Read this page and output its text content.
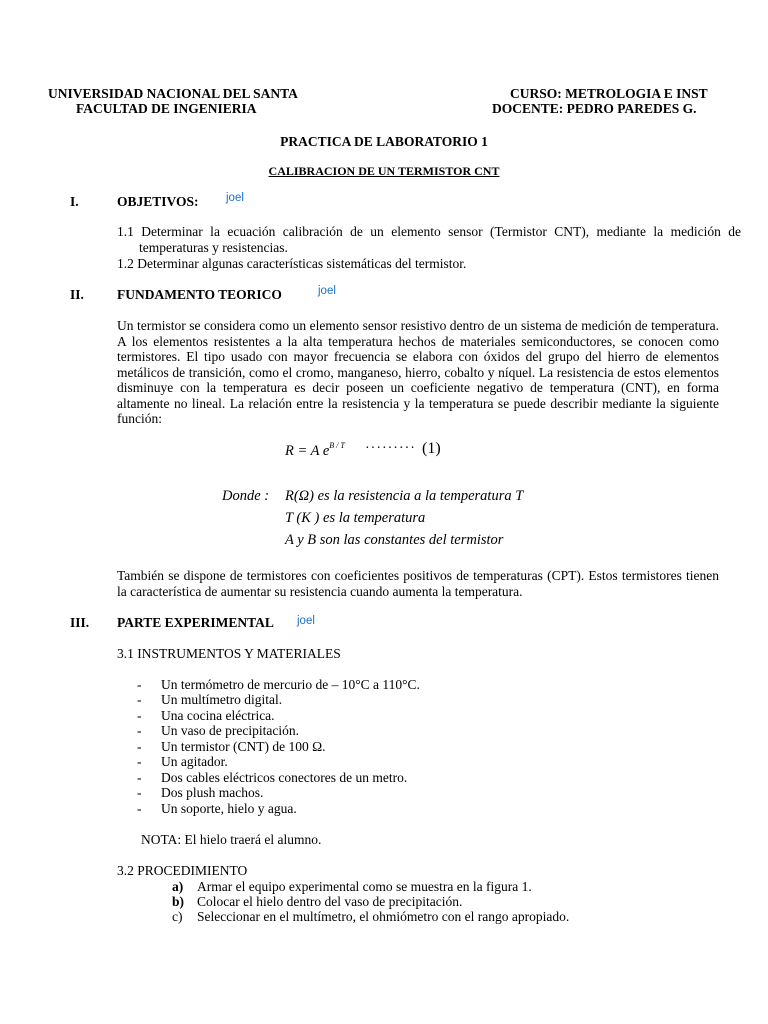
UNIVERSIDAD NACIONAL DEL SANTA
FACULTAD DE INGENIERIA
CURSO: METROLOGIA E INST
DOCENTE: PEDRO PAREDES G.
PRACTICA DE LABORATORIO 1
CALIBRACION DE UN TERMISTOR CNT
I.	OBJETIVOS: joel
1.1 Determinar la ecuación calibración de un elemento sensor (Termistor CNT), mediante la medición de temperaturas y resistencias.
1.2 Determinar algunas características sistemáticas del termistor.
II. FUNDAMENTO TEORICO	joel
Un termistor se considera como un elemento sensor resistivo dentro de un sistema de medición de temperatura. A los elementos resistentes a la alta temperatura hechos de materiales semiconductores, se conocen como termistores. El tipo usado con mayor frecuencia se elabora con óxidos del grupo del hierro de elementos metálicos de transición, como el cromo, manganeso, hierro, cobalto y níquel. La resistencia de estos elementos disminuye con la temperatura es decir poseen un coeficiente negativo de temperatura (CNT), en forma altamente no lineal. La relación entre la resistencia y la temperatura se puede describir mediante la siguiente función:
R = A $e^{B / T}$ ········· (1)
Donde : R(Ω) es la resistencia a la temperatura T
T (K ) es la temperatura
A y B son las constantes del termistor
También se dispone de termistores con coeficientes positivos de temperaturas (CPT). Estos termistores tienen la característica de aumentar su resistencia cuando aumenta la temperatura.
III. PARTE EXPERIMENTAL joel
3.1 INSTRUMENTOS Y MATERIALES
- Un termómetro de mercurio de – 10°C a 110°C.
- Un multímetro digital.
- Una cocina eléctrica.
- Un vaso de precipitación.
- Un termistor (CNT) de 100 Ω.
- Un agitador.
- Dos cables eléctricos conectores de un metro.
- Dos plush machos.
- Un soporte, hielo y agua.
NOTA: El hielo traerá el alumno.
3.2 PROCEDIMIENTO
a) Armar el equipo experimental como se muestra en la figura 1.
b) Colocar el hielo dentro del vaso de precipitación.
c) Seleccionar en el multímetro, el ohmiómetro con el rango apropiado.
